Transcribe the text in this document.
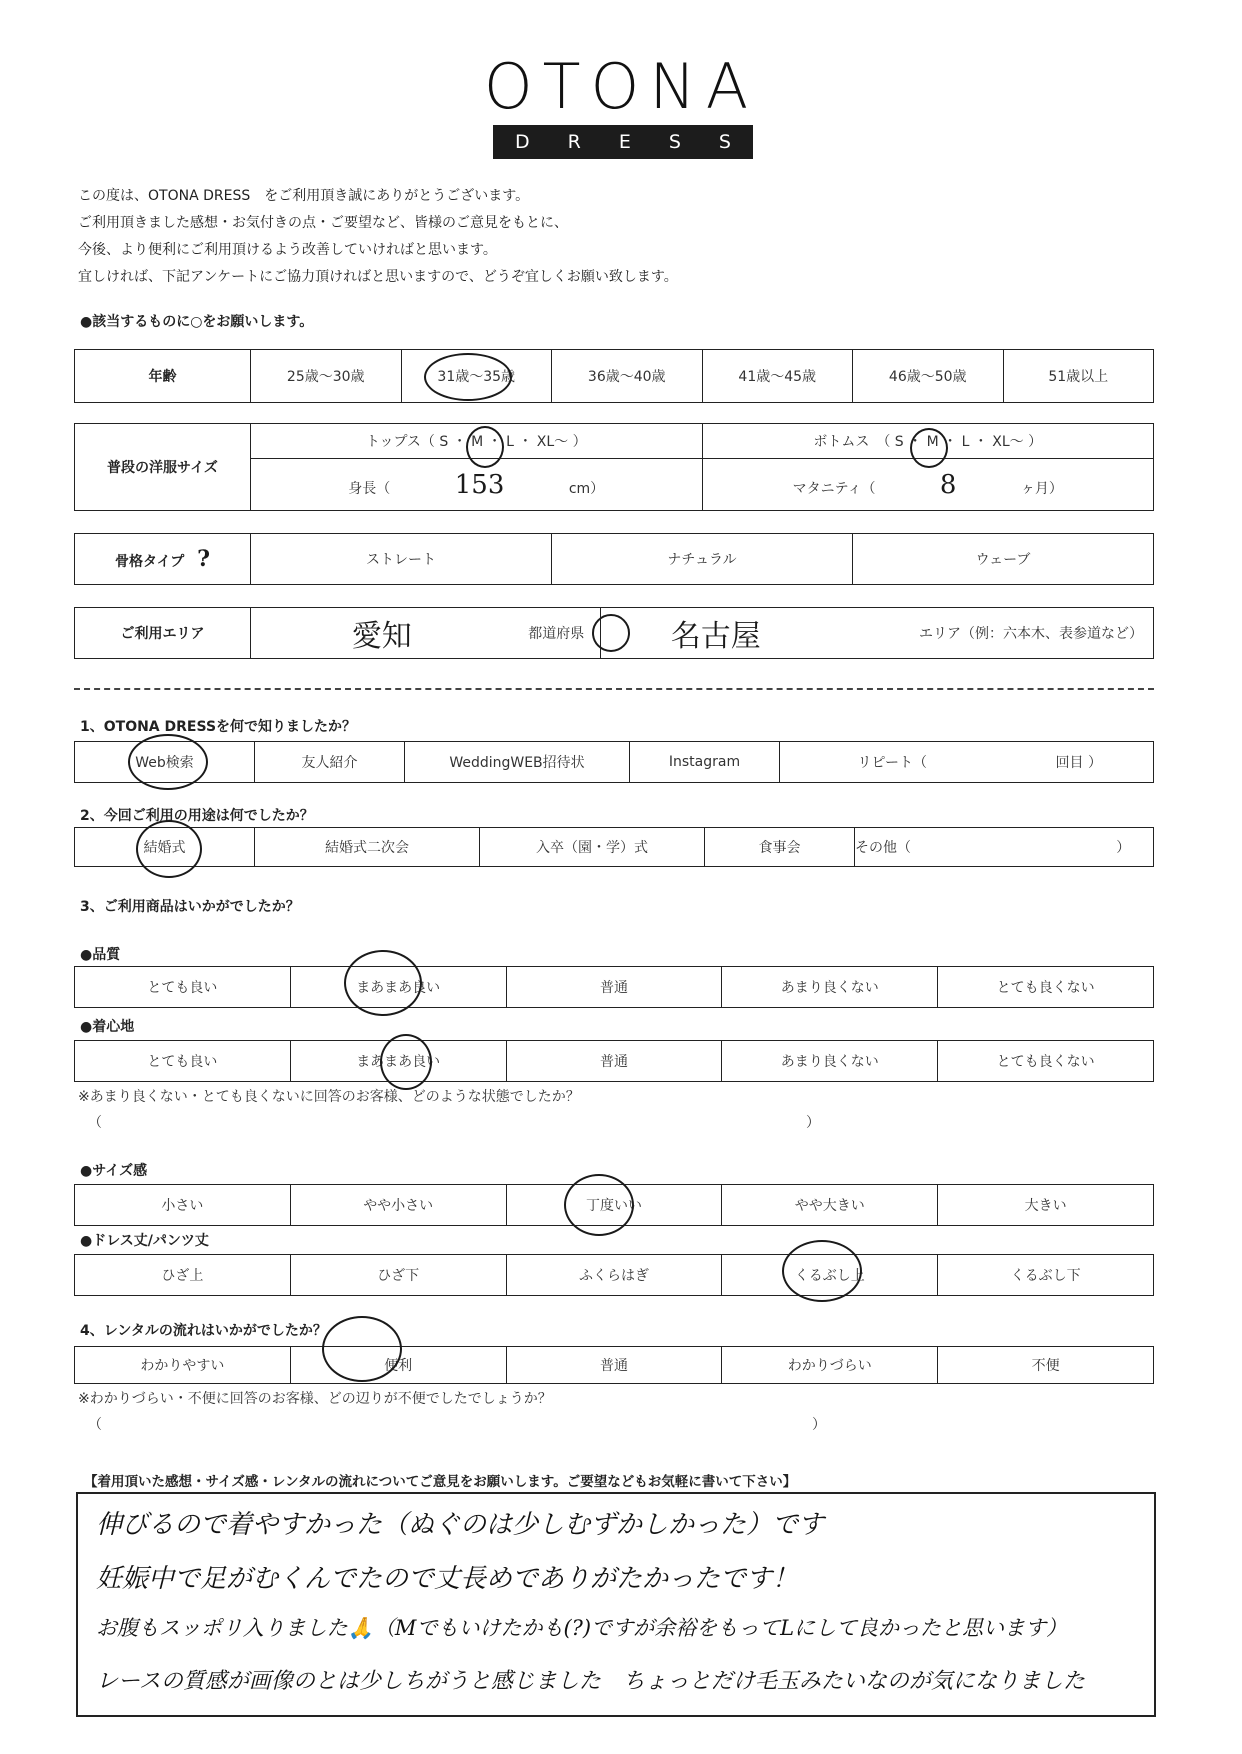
OTONA
D R E S S
この度は、OTONA DRESS　をご利用頂き誠にありがとうございます。
ご利用頂きました感想・お気付きの点・ご要望など、皆様のご意見をもとに、
今後、より便利にご利用頂けるよう改善していければと思います。
宜しければ、下記アンケートにご協力頂ければと思いますので、どうぞ宜しくお願い致します。
●該当するものに○をお願いします。
年齢	25歳〜30歳	31歳〜35歳	36歳〜40歳	41歳〜45歳	46歳〜50歳	51歳以上
普段の洋服サイズ	トップス（ S ・ M ・ L ・ XL〜 ）	ボトムス　（ S ・ M ・ L ・ XL〜 ）
	身長（ 153 cm）	マタニティ（ 8 ヶ月）
骨格タイプ ?	ストレート	ナチュラル	ウェーブ
ご利用エリア	愛知	都道府県	名古屋	エリア（例：六本木、表参道など）
1、OTONA DRESSを何で知りましたか？
Web検索	友人紹介	WeddingWEB招待状	Instagram	リピート（	回目 ）
2、今回ご利用の用途は何でしたか？
結婚式	結婚式二次会	入卒（園・学）式	食事会	その他（	）
3、ご利用商品はいかがでしたか？
●品質
とても良い	まあまあ良い	普通	あまり良くない	とても良くない
●着心地
とても良い	まあまあ良い	普通	あまり良くない	とても良くない
※あまり良くない・とても良くないに回答のお客様、どのような状態でしたか？
（	）
●サイズ感
小さい	やや小さい	丁度いい	やや大きい	大きい
●ドレス丈/パンツ丈
ひざ上	ひざ下	ふくらはぎ	くるぶし上	くるぶし下
4、レンタルの流れはいかがでしたか？
わかりやすい	便利	普通	わかりづらい	不便
※わかりづらい・不便に回答のお客様、どの辺りが不便でしたでしょうか？
（	）
【着用頂いた感想・サイズ感・レンタルの流れについてご意見をお願いします。ご要望などもお気軽に書いて下さい】
伸びるので着やすかった（ぬぐのは少しむずかしかった）です
妊娠中で足がむくんでたので丈長めでありがたかったです！
お腹もスッポリ入りました🙏（Mでもいけたかも(?)ですが余裕をもってLにして良かったと思います）
レースの質感が画像のとは少しちがうと感じました　ちょっとだけ毛玉みたいなのが気になりました
